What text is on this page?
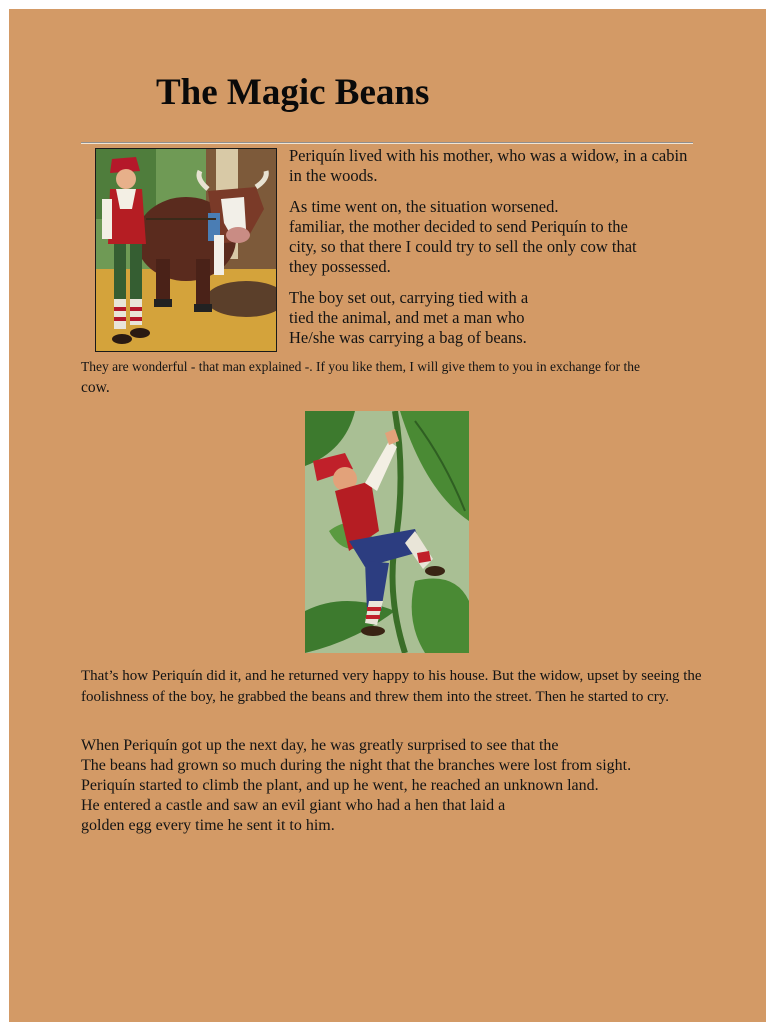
The Magic Beans

Periquín lived with his mother, who was a widow, in a cabin in the woods.

As time went on, the situation worsened.
familiar, the mother decided to send Periquín to the
city, so that there I could try to sell the only cow that
they possessed.

The boy set out, carrying tied with a
tied the animal, and met a man who
He/she was carrying a bag of beans.

They are wonderful - that man explained -. If you like them, I will give them to you in exchange for the
cow.

That’s how Periquín did it, and he returned very happy to his house. But the widow, upset by seeing the foolishness of the boy, he grabbed the beans and threw them into the street. Then he started to cry.

When Periquín got up the next day, he was greatly surprised to see that the
The beans had grown so much during the night that the branches were lost from sight.
Periquín started to climb the plant, and up he went, he reached an unknown land.
He entered a castle and saw an evil giant who had a hen that laid a
golden egg every time he sent it to him.
